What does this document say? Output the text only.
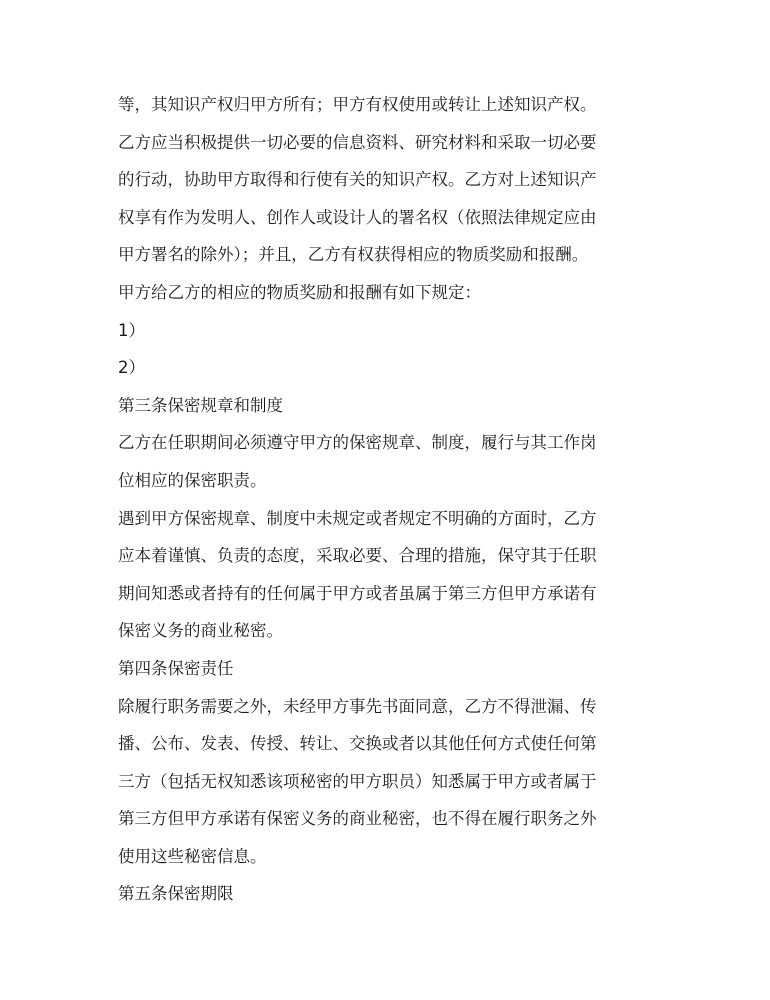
等，其知识产权归甲方所有；甲方有权使用或转让上述知识产权。
乙方应当积极提供一切必要的信息资料、研究材料和采取一切必要
的行动，协助甲方取得和行使有关的知识产权。乙方对上述知识产
权享有作为发明人、创作人或设计人的署名权（依照法律规定应由
甲方署名的除外）；并且，乙方有权获得相应的物质奖励和报酬。
甲方给乙方的相应的物质奖励和报酬有如下规定：
1）
2）
第三条保密规章和制度
乙方在任职期间必须遵守甲方的保密规章、制度，履行与其工作岗
位相应的保密职责。
遇到甲方保密规章、制度中未规定或者规定不明确的方面时，乙方
应本着谨慎、负责的态度，采取必要、合理的措施，保守其于任职
期间知悉或者持有的任何属于甲方或者虽属于第三方但甲方承诺有
保密义务的商业秘密。
第四条保密责任
除履行职务需要之外，未经甲方事先书面同意，乙方不得泄漏、传
播、公布、发表、传授、转让、交换或者以其他任何方式使任何第
三方（包括无权知悉该项秘密的甲方职员）知悉属于甲方或者属于
第三方但甲方承诺有保密义务的商业秘密，也不得在履行职务之外
使用这些秘密信息。
第五条保密期限
